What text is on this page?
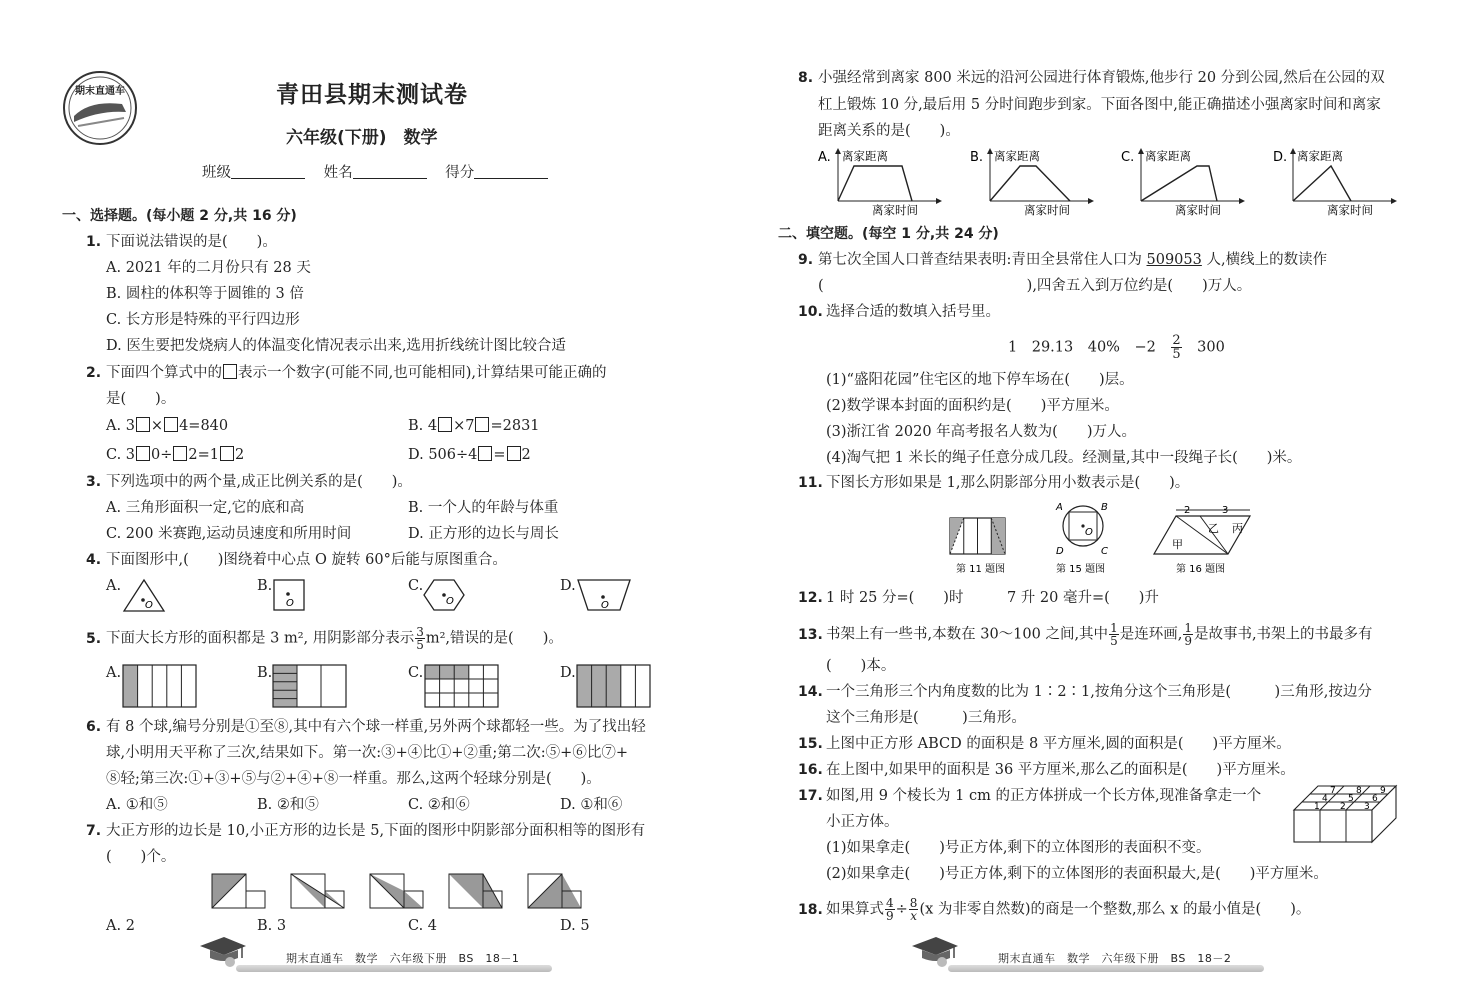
期末直通车	青田县期末测试卷
六年级(下册)　数学
班级	姓名	得分
一、选择题。(每小题 2 分,共 16 分)
1. 下面说法错误的是(　　)。
A. 2021 年的二月份只有 28 天
B. 圆柱的体积等于圆锥的 3 倍
C. 长方形是特殊的平行四边形
D. 医生要把发烧病人的体温变化情况表示出来,选用折线统计图比较合适
2. 下面四个算式中的 表示一个数字(可能不同,也可能相同),计算结果可能正确的
是(　　)。
A. 3 × 4=840	B. 4 ×7 =2831
C. 3 0÷ 2=1 2	D. 506÷4 = 2
3. 下列选项中的两个量,成正比例关系的是(　　)。
A. 三角形面积一定,它的底和高	B. 一个人的年龄与体重
C. 200 米赛跑,运动员速度和所用时间	D. 正方形的边长与周长
4. 下面图形中,(　　)图绕着中心点 O 旋转 60°后能与原图重合。
A.
O
B.
O
C.
O
D.
O
5. 下面大长方形的面积都是 3 m², 用阴影部分表示 $\frac{3}{5} m^2$,错误的是(　　)。
A.	B.	C.	D.
6. 有 8 个球,编号分别是①至⑧,其中有六个球一样重,另外两个球都轻一些。为了找出轻
球,小明用天平称了三次,结果如下。第一次:③+④比①+②重;第二次:⑤+⑥比⑦+
⑧轻;第三次:①+③+⑤与②+④+⑧一样重。那么,这两个轻球分别是(　　)。
A. ①和⑤	B. ②和⑤	C. ②和⑥	D. ①和⑥
7. 大正方形的边长是 10,小正方形的边长是 5,下面的图形中阴影部分面积相等的图形有
(　　)个。
A. 2	B. 3	C. 4	D. 5
期末直通车　数学　六年级下册　BS　18－1
8. 小强经常到离家 800 米远的沿河公园进行体育锻炼,他步行 20 分到公园,然后在公园的双
杠上锻炼 10 分,最后用 5 分时间跑步到家。下面各图中,能正确描述小强离家时间和离家
距离关系的是(　　)。
A. 离家距离
离家时间
B. 离家距离
离家时间
C. 离家距离
离家时间
D. 离家距离
离家时间
二、填空题。(每空 1 分,共 24 分)
9. 第七次全国人口普查结果表明:青田全县常住人口为 509053 人,横线上的数读作
(　　　　　　　　　　　　　　),四舍五入到万位约是(　　)万人。
10. 选择合适的数填入括号里。
1　29.13　40%　−2　 $\frac{2}{5}$
　 300
(1)“盛阳花园”住宅区的地下停车场在(　　)层。
(2)数学课本封面的面积约是(　　)平方厘米。
(3)浙江省 2020 年高考报名人数为(　　)万人。
(4)淘气把 1 米长的绳子任意分成几段。经测量,其中一段绳子长(　　)米。
11. 下图长方形如果是 1,那么阴影部分用小数表示是(　　)。
第 11 题图
A	B
D	C
O
第 15 题图
2	3
甲
乙 丙
第 16 题图
12. 1 时 25 分=(　　)时　　　7 升 20 毫升=(　　)升
13. 书架上有一些书,本数在 30～100 之间,其中 $\frac{1}{5}$ 是连环画, $\frac{1}{9}$ 是故事书,书架上的书最多有
(　　)本。
14. 一个三角形三个内角度数的比为 1∶2∶1,按角分这个三角形是(　　　)三角形,按边分
这个三角形是(　　　)三角形。
15. 上图中正方形 ABCD 的面积是 8 平方厘米,圆的面积是(　　)平方厘米。
16. 在上图中,如果甲的面积是 36 平方厘米,那么乙的面积是(　　)平方厘米。
17. 如图,用 9 个棱长为 1 cm 的正方体拼成一个长方体,现准备拿走一个
小正方体。
(1)如果拿走(　　)号正方体,剩下的立体图形的表面积不变。
(2)如果拿走(　　)号正方体,剩下的立体图形的表面积最大,是(　　)平方厘米。
7 8 9
4 5 6
1 2 3
18. 如果算式 $\frac{4}{9} \div \frac{8}{x} (x$ 为非零自然数)的商是一个整数,那么 x 的最小值是(　　)。
期末直通车　数学　六年级下册　BS　18－2
